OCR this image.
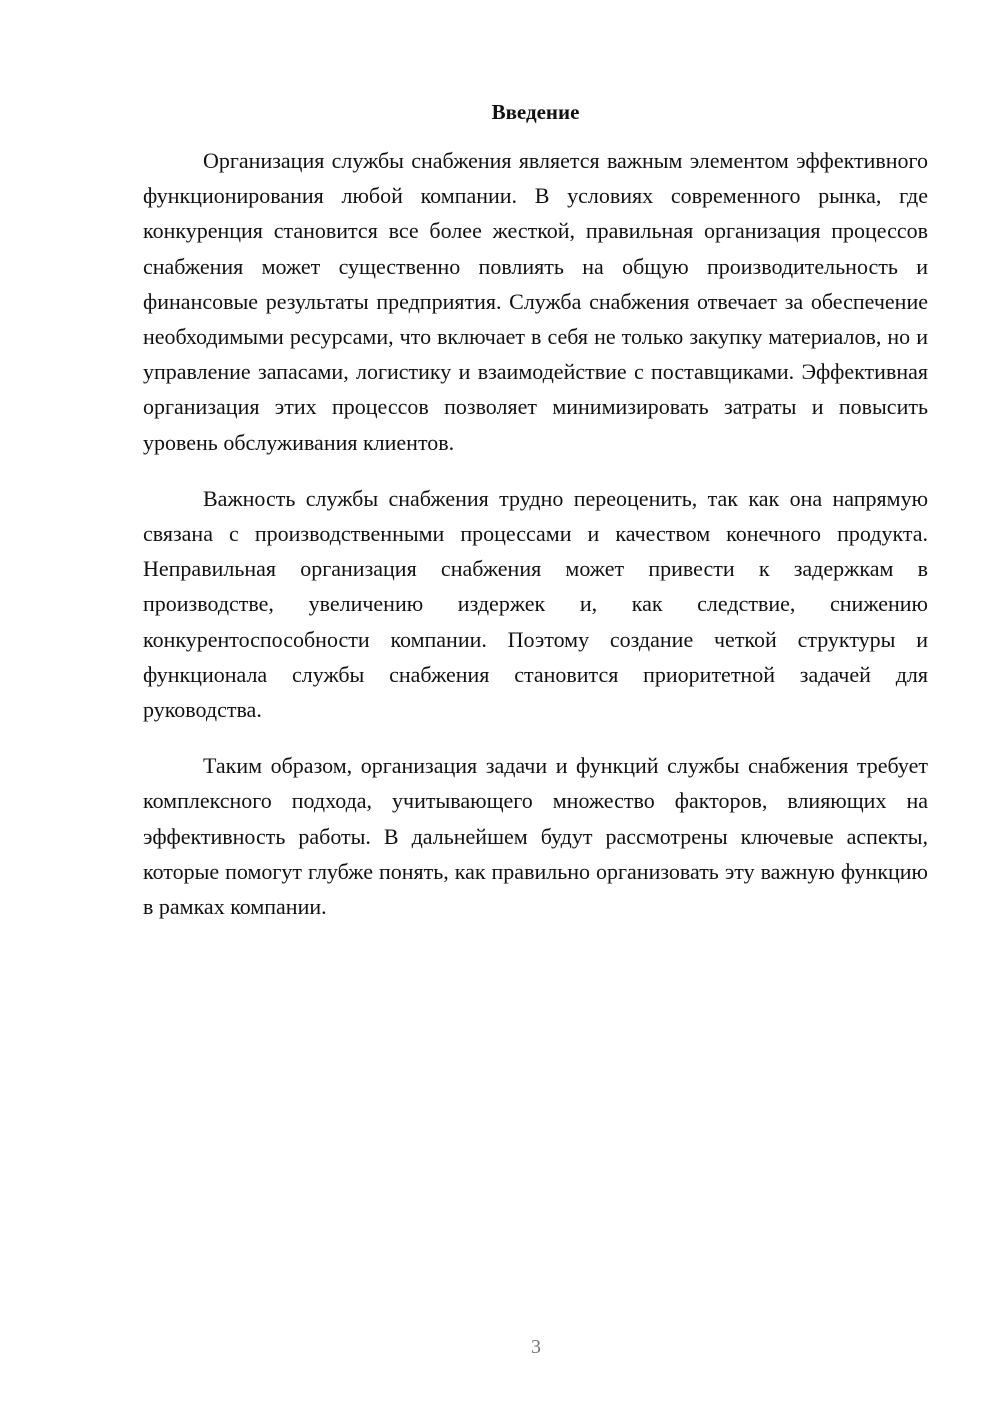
Введение

Организация службы снабжения является важным элементом эффективного функционирования любой компании. В условиях современного рынка, где конкуренция становится все более жесткой, правильная организация процессов снабжения может существенно повлиять на общую производительность и финансовые результаты предприятия. Служба снабжения отвечает за обеспечение необходимыми ресурсами, что включает в себя не только закупку материалов, но и управление запасами, логистику и взаимодействие с поставщиками. Эффективная организация этих процессов позволяет минимизировать затраты и повысить уровень обслуживания клиентов.

Важность службы снабжения трудно переоценить, так как она напрямую связана с производственными процессами и качеством конечного продукта. Неправильная организация снабжения может привести к задержкам в производстве, увеличению издержек и, как следствие, снижению конкурентоспособности компании. Поэтому создание четкой структуры и функционала службы снабжения становится приоритетной задачей для руководства.

Таким образом, организация задачи и функций службы снабжения требует комплексного подхода, учитывающего множество факторов, влияющих на эффективность работы. В дальнейшем будут рассмотрены ключевые аспекты, которые помогут глубже понять, как правильно организовать эту важную функцию в рамках компании.

3
